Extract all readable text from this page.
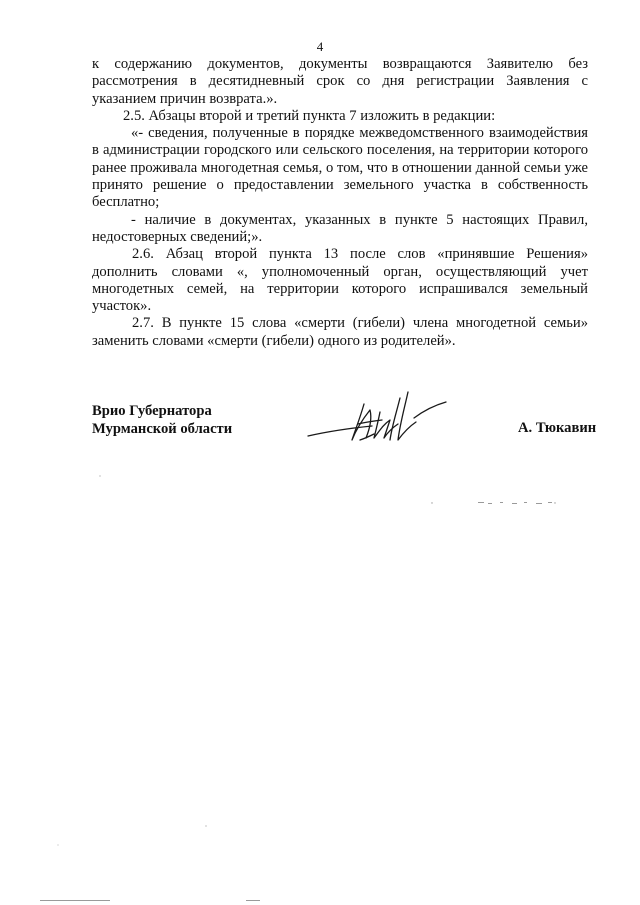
4

к содержанию документов, документы возвращаются Заявителю без рассмотрения в десятидневный срок со дня регистрации Заявления с указанием причин возврата.».

2.5. Абзацы второй и третий пункта 7 изложить в редакции:

«- сведения, полученные в порядке межведомственного взаимодействия в администрации городского или сельского поселения, на территории которого ранее проживала многодетная семья, о том, что в отношении данной семьи уже принято решение о предоставлении земельного участка в собственность бесплатно;

- наличие в документах, указанных в пункте 5 настоящих Правил, недостоверных сведений;».

2.6. Абзац второй пункта 13 после слов «принявшие Решения» дополнить словами «, уполномоченный орган, осуществляющий учет многодетных семей, на территории которого испрашивался земельный участок».

2.7. В пункте 15 слова «смерти (гибели) члена многодетной семьи» заменить словами «смерти (гибели) одного из родителей».

Врио Губернатора
Мурманской области	А. Тюкавин
